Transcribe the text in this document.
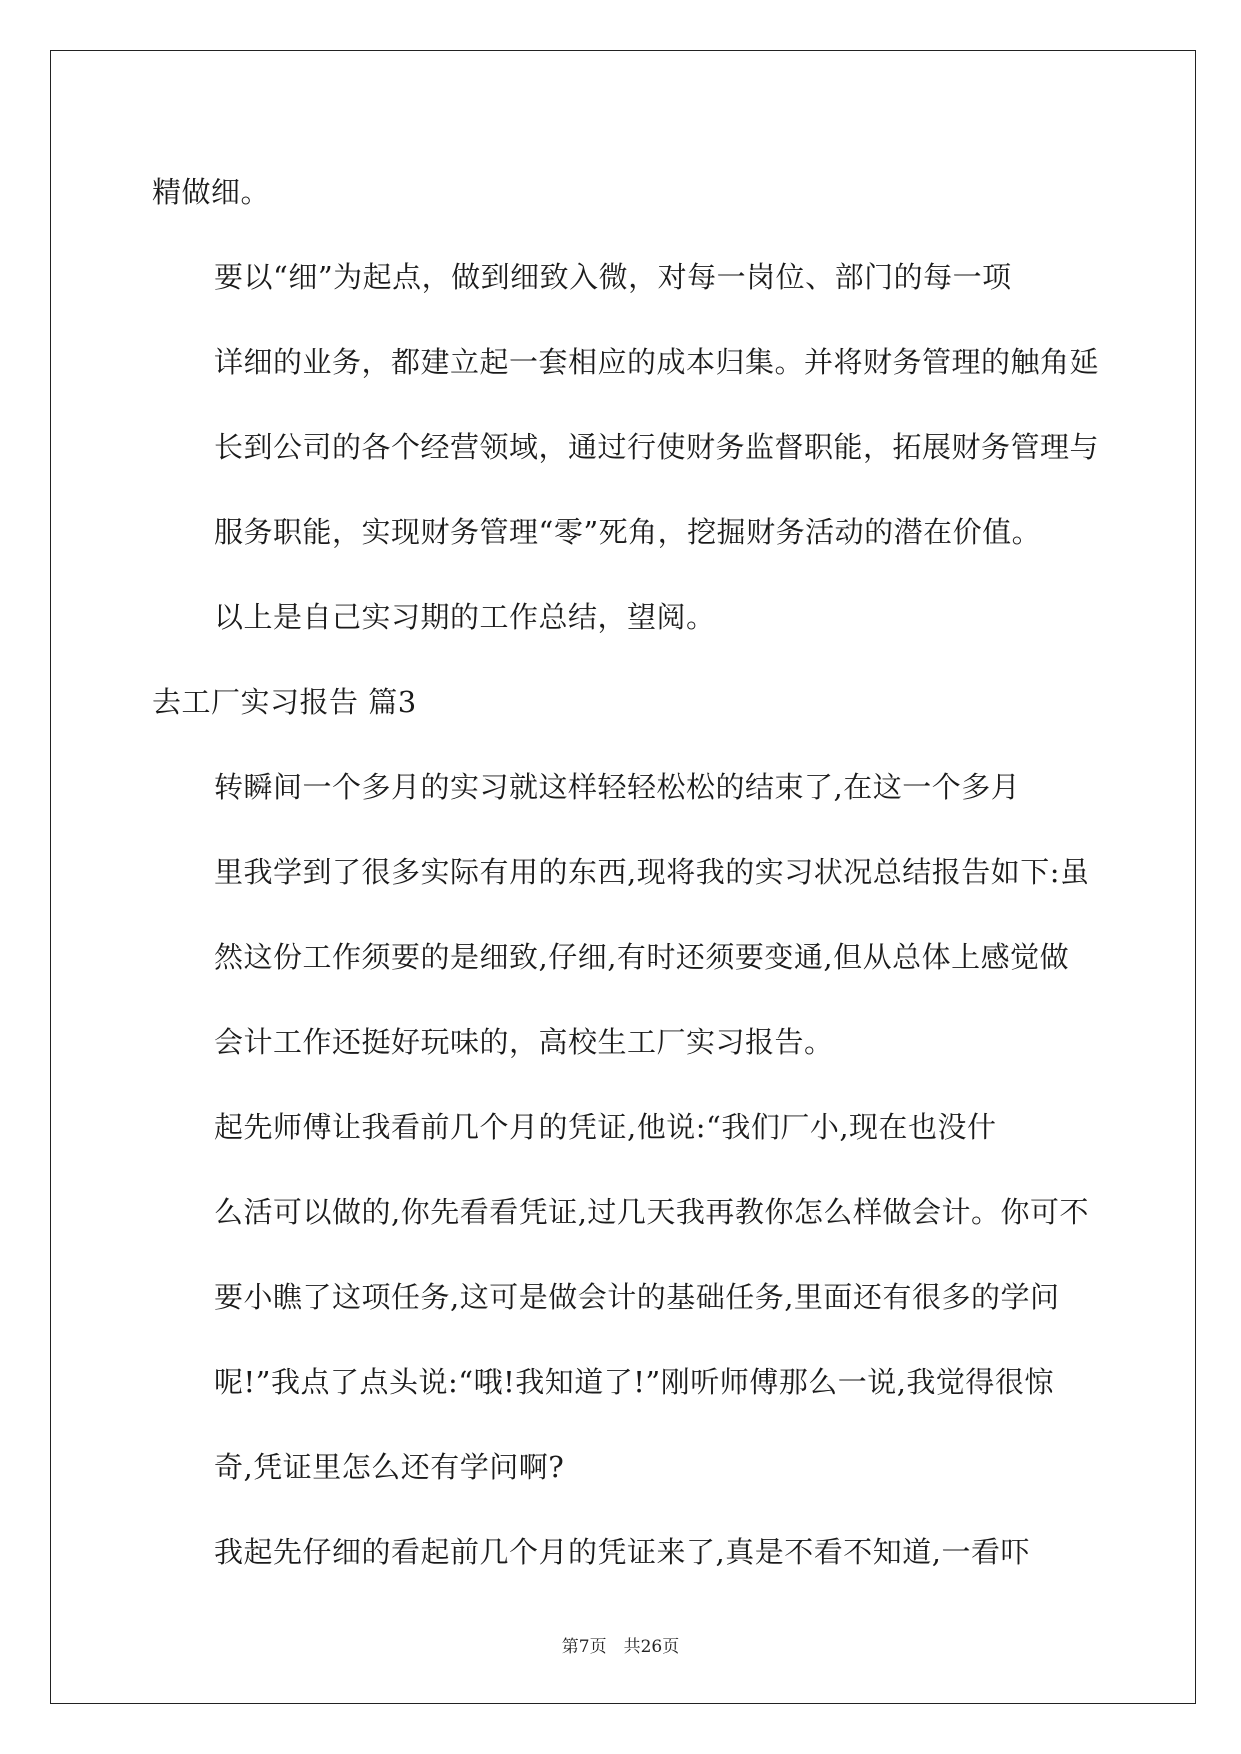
精做细。

要以“细”为起点，做到细致入微，对每一岗位、部门的每一项
详细的业务，都建立起一套相应的成本归集。并将财务管理的触角延
长到公司的各个经营领域，通过行使财务监督职能，拓展财务管理与
服务职能，实现财务管理“零”死角，挖掘财务活动的潜在价值。

以上是自己实习期的工作总结，望阅。

去工厂实习报告 篇3

转瞬间一个多月的实习就这样轻轻松松的结束了,在这一个多月
里我学到了很多实际有用的东西,现将我的实习状况总结报告如下:虽
然这份工作须要的是细致,仔细,有时还须要变通,但从总体上感觉做
会计工作还挺好玩味的，高校生工厂实习报告。

起先师傅让我看前几个月的凭证,他说:“我们厂小,现在也没什
么活可以做的,你先看看凭证,过几天我再教你怎么样做会计。你可不
要小瞧了这项任务,这可是做会计的基础任务,里面还有很多的学问
呢!”我点了点头说:“哦!我知道了!”刚听师傅那么一说,我觉得很惊
奇,凭证里怎么还有学问啊?

我起先仔细的看起前几个月的凭证来了,真是不看不知道,一看吓

第7页　共26页
